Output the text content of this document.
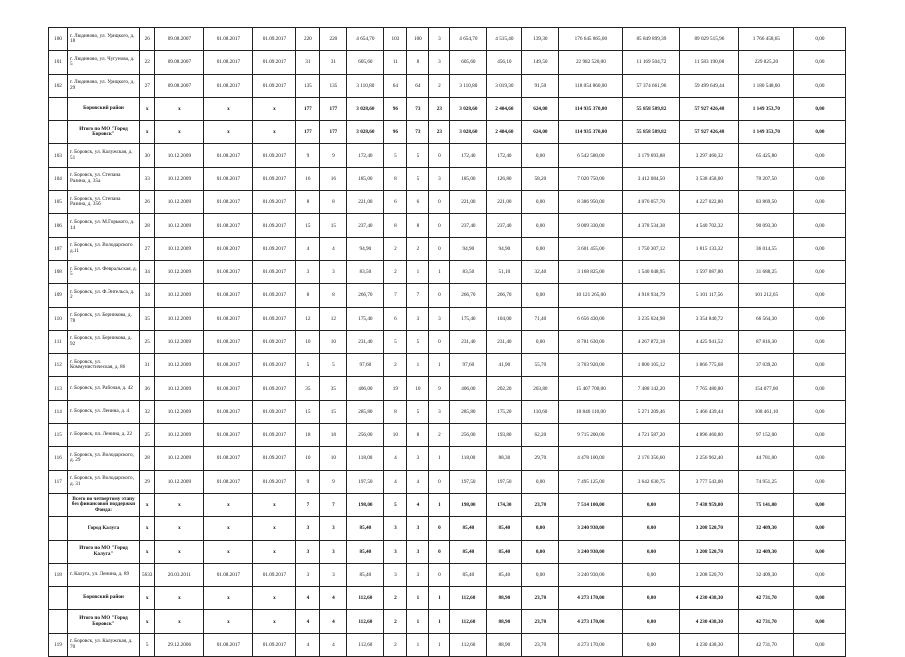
100	г. Людиново, ул. Урицкого, д. 18	26	09.08.2007	01.08.2017	01.09.2017	220	220	4 654,70	103	100	3	4 654,70	4 515,40	139,30	176 645 865,00	85 849 899,39	89 029 515,96	1 766 458,65	0,00
101	г. Людиново, ул. Чугунова, д. 5	22	09.08.2007	01.08.2017	01.09.2017	31	31	605,60	11	8	3	605,60	456,10	149,50	22 982 520,00	11 169 504,72	11 583 190,08	229 825,20	0,00
102	г. Людиново, ул. Урицкого, д. 29	27	09.08.2007	01.08.2017	01.09.2017	135	135	3 110,80	64	64	2	3 110,80	3 019,30	91,50	118 054 860,00	57 374 661,96	59 499 649,44	1 180 548,60	0,00
	Боровский район	х	х	х	х	177	177	3 028,60	96	73	23	3 028,60	2 404,60	624,00	114 935 370,00	55 858 589,82	57 927 426,48	1 149 353,70	0,00
	Итого по МО "Город Боровск"	х	х	х	х	177	177	3 028,60	96	73	23	3 028,60	2 404,60	624,00	114 935 370,00	55 858 589,82	57 927 426,48	1 149 353,70	0,00
103	г. Боровск, ул. Калужская, д. 51	30	10.12.2009	01.08.2017	01.09.2017	9	9	172,40	5	5	0	172,40	172,40	0,00	6 542 580,00	3 179 693,88	3 297 460,32	65 425,80	0,00
104	г. Боровск, ул. Степана Разина, д. 35а	33	10.12.2009	01.08.2017	01.09.2017	16	16	185,00	8	5	3	185,00	126,80	58,20	7 020 750,00	3 412 084,50	3 538 458,00	70 207,50	0,00
105	г. Боровск, ул. Степана Разина, д. 35б	26	10.12.2009	01.08.2017	01.09.2017	8	8	221,00	6	6	0	221,00	221,00	0,00	8 386 950,00	4 076 057,70	4 227 022,80	83 869,50	0,00
106	г. Боровск, ул. М.Горького, д. 14	28	10.12.2009	01.08.2017	01.09.2017	15	15	237,40	8	8	0	237,40	237,40	0,00	9 009 330,00	4 378 534,38	4 540 702,32	90 093,30	0,00
107	г. Боровск, ул. Володарского д.11	27	10.12.2009	01.08.2017	01.09.2017	4	4	94,90	2	2	0	94,90	94,90	0,00	3 601 455,00	1 750 307,12	1 815 133,32	36 014,55	0,00
108	г. Боровск, ул. Февральская, д. 5	34	10.12.2009	01.08.2017	01.09.2017	3	3	83,50	2	1	1	83,50	51,10	32,40	3 168 825,00	1 540 048,95	1 597 087,80	31 688,25	0,00
109	г. Боровск, ул. Ф.Энгельса, д. 2	34	10.12.2009	01.08.2017	01.09.2017	8	8	266,70	7	7	0	266,70	266,70	0,00	10 121 265,00	4 918 934,79	5 101 117,56	101 212,65	0,00
110	г. Боровск, ул. Берникова, д. 78	35	10.12.2009	01.08.2017	01.09.2017	12	12	175,40	6	3	3	175,40	104,00	71,40	6 656 430,00	3 235 024,98	3 354 840,72	66 564,30	0,00
111	г. Боровск, ул. Берникова, д. 92	25	10.12.2009	01.08.2017	01.09.2017	10	10	231,40	5	5	0	231,40	231,40	0,00	8 781 630,00	4 267 872,18	4 425 941,52	87 816,30	0,00
112	г. Боровск, ул. Коммунистическая, д. 86	31	10.12.2009	01.08.2017	01.09.2017	5	5	97,60	2	1	1	97,60	41,90	55,70	3 703 920,00	1 800 105,12	1 866 775,68	37 039,20	0,00
113	г. Боровск, ул. Рабочая, д. 42	36	10.12.2009	01.08.2017	01.09.2017	35	35	406,00	19	10	9	406,00	202,20	203,80	15 407 700,00	7 488 142,20	7 765 480,80	154 077,00	0,00
114	г. Боровск, ул. Ленина, д. 4	32	10.12.2009	01.08.2017	01.09.2017	15	15	285,80	8	5	3	285,80	175,20	110,60	10 846 110,00	5 271 209,46	5 466 439,44	108 461,10	0,00
115	г. Боровск, пл. Ленина, д. 22	25	10.12.2009	01.08.2017	01.09.2017	18	18	256,00	10	8	2	256,00	193,80	62,20	9 715 200,00	4 721 587,20	4 896 460,80	97 152,00	0,00
116	г. Боровск, ул. Володарского, д. 29	28	10.12.2009	01.08.2017	01.09.2017	10	10	118,00	4	3	1	118,00	88,30	29,70	4 478 100,00	2 176 356,60	2 256 962,40	44 781,00	0,00
117	г. Боровск, ул. Володарского, д. 31	29	10.12.2009	01.08.2017	01.09.2017	9	9	197,50	4	4	0	197,50	197,50	0,00	7 495 125,00	3 642 630,75	3 777 543,00	74 951,25	0,00
	Всего по четвертому этапу без финансовой поддержки Фонда:	х	х	х	х	7	7	198,00	5	4	1	198,00	174,30	23,70	7 514 100,00	0,00	7 438 959,00	75 141,00	0,00
	Город Калуга	х	х	х	х	3	3	85,40	3	3	0	85,40	85,40	0,00	3 240 930,00	0,00	3 208 520,70	32 409,30	0,00
	Итого по МО "Город Калуга"	х	х	х	х	3	3	85,40	3	3	0	85,40	85,40	0,00	3 240 930,00	0,00	3 208 520,70	32 409,30	0,00
118	г. Калуга, ул. Ленина, д. 89	5633	20.03.2011	01.08.2017	01.09.2017	3	3	85,40	3	3	0	85,40	85,40	0,00	3 240 930,00	0,00	3 208 520,70	32 409,30	0,00
	Боровский район	х	х	х	х	4	4	112,60	2	1	1	112,60	88,90	23,70	4 273 170,00	0,00	4 230 438,30	42 731,70	0,00
	Итого по МО "Город Боровск"	х	х	х	х	4	4	112,60	2	1	1	112,60	88,90	23,70	4 273 170,00	0,00	4 230 438,30	42 731,70	0,00
119	г. Боровск, ул. Калужская, д. 70	5	29.12.2006	01.08.2017	01.09.2017	4	4	112,60	2	1	1	112,60	88,90	23,70	4 273 170,00	0,00	4 230 438,30	42 731,70	0,00
